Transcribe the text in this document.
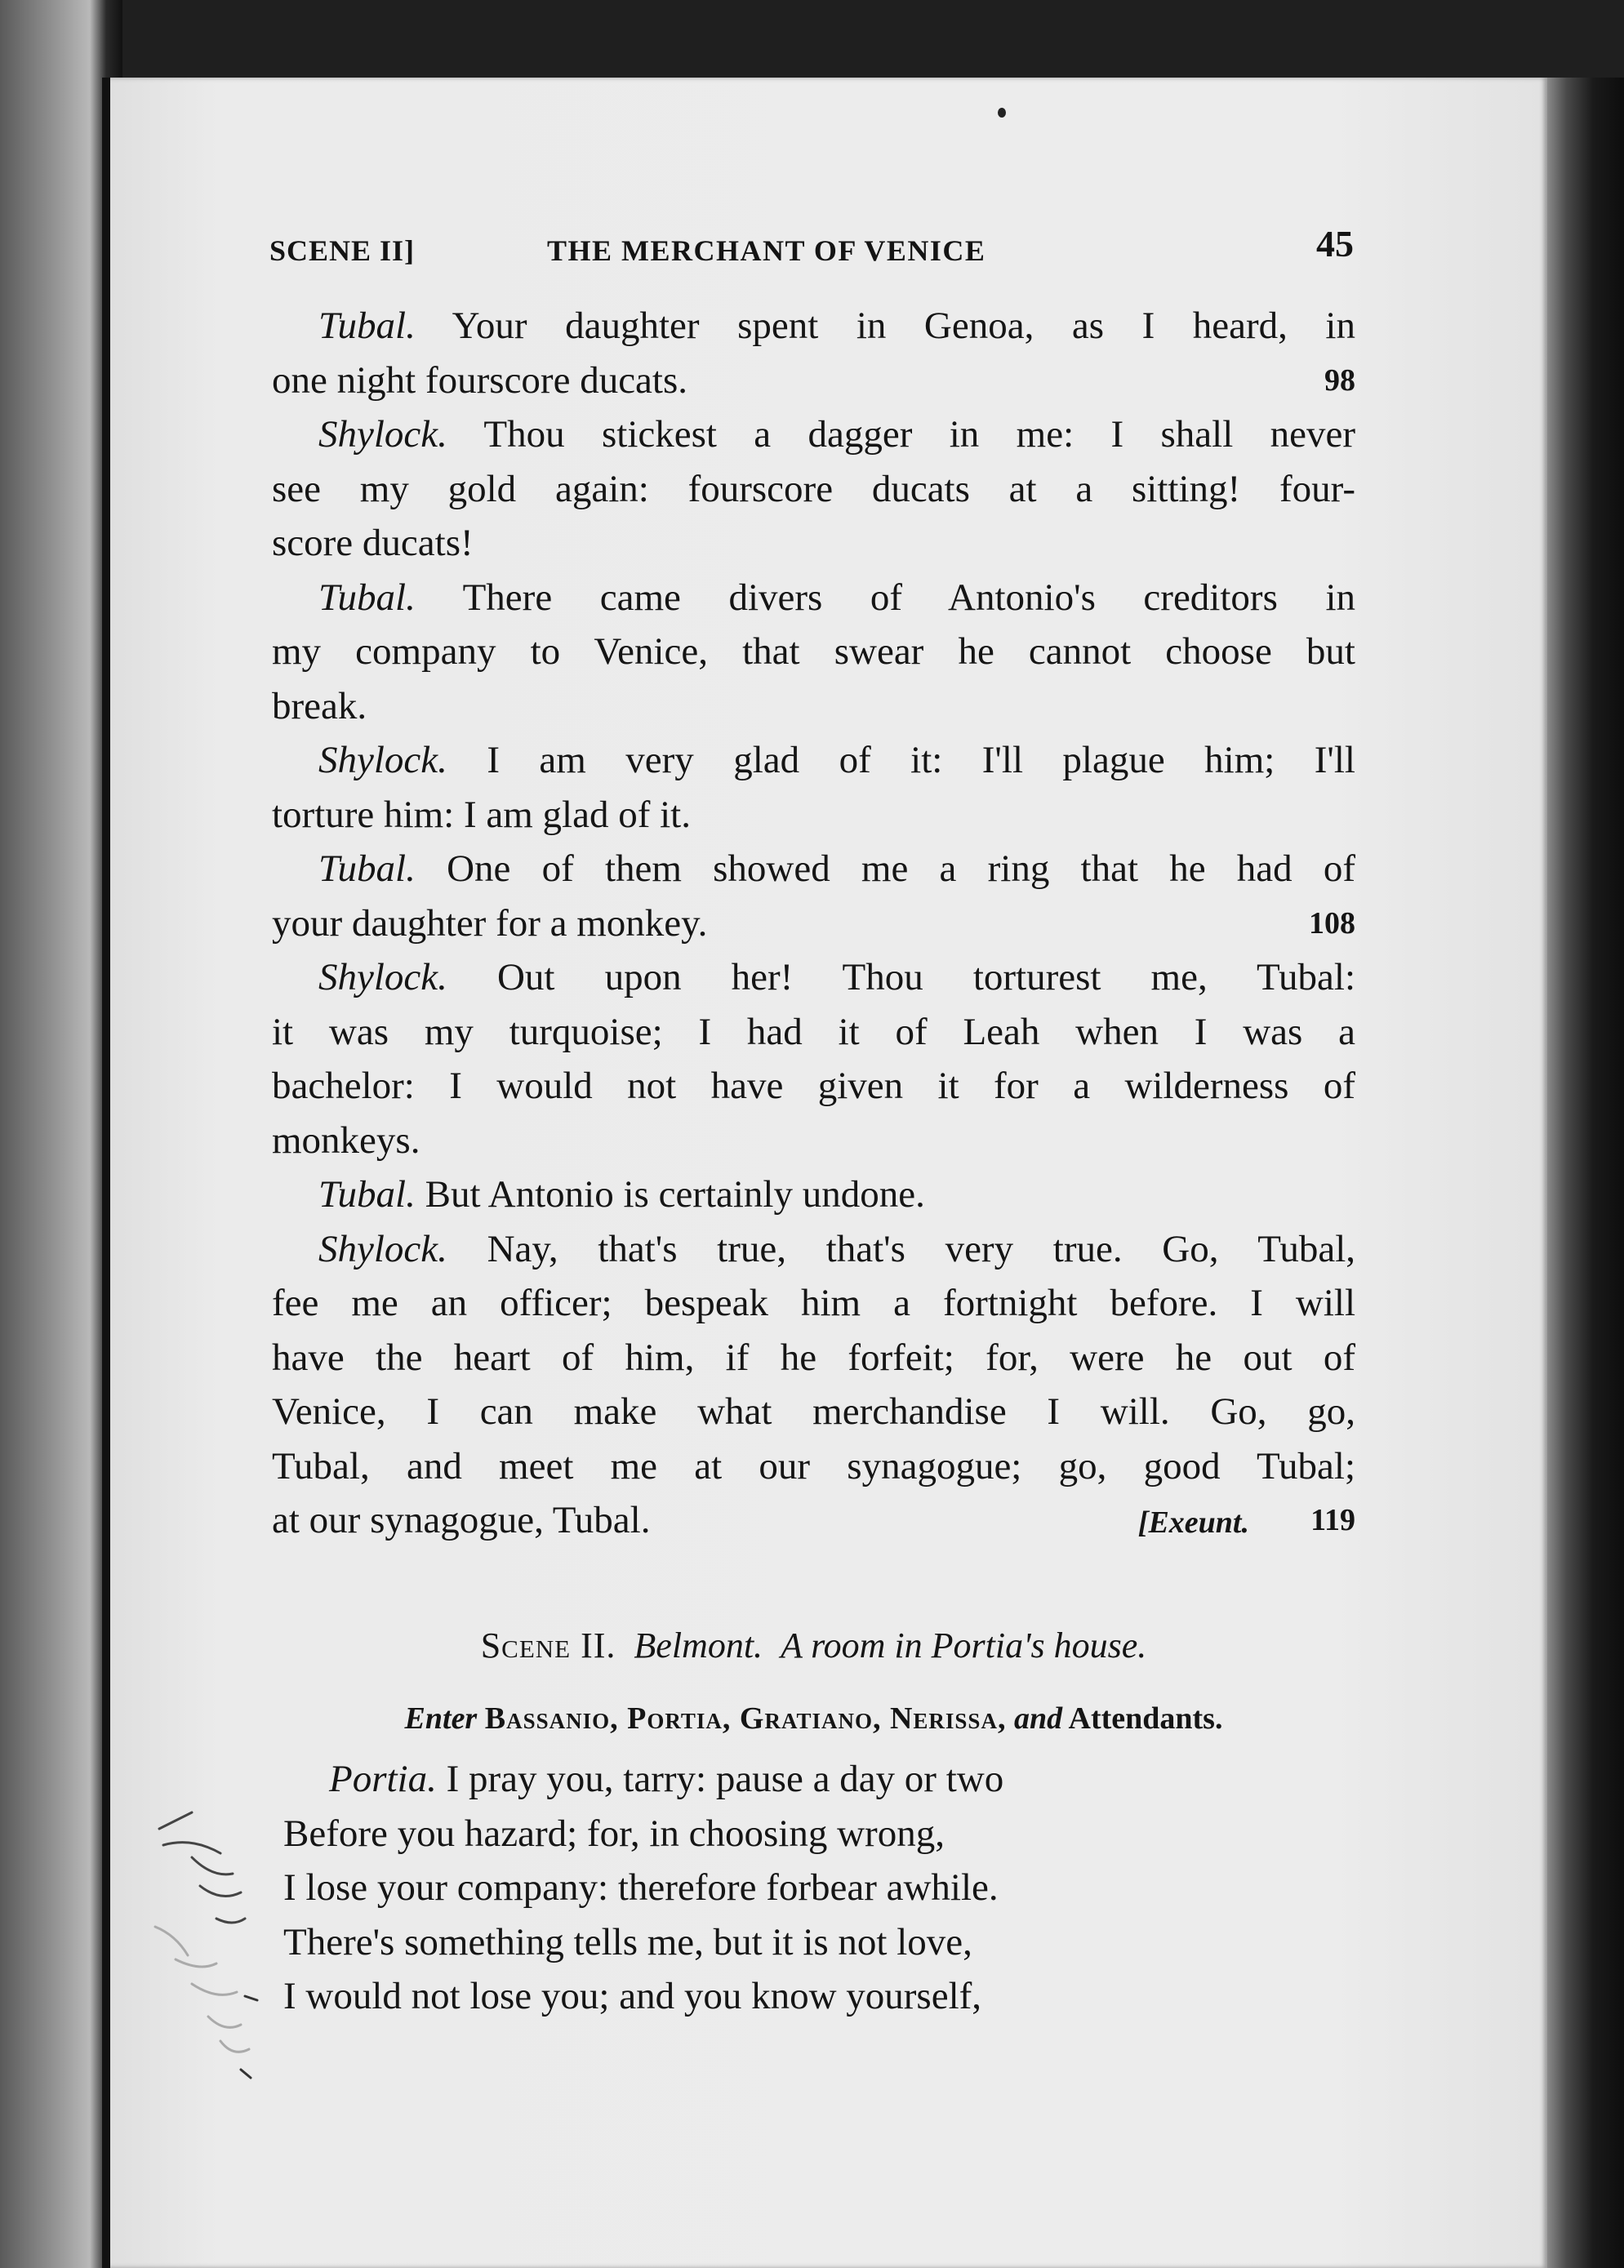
SCENE II]	THE MERCHANT OF VENICE	45
Tubal. Your daughter spent in Genoa, as I heard, in
one night fourscore ducats.	98
Shylock. Thou stickest a dagger in me: I shall never
see my gold again: fourscore ducats at a sitting! four-
score ducats!
Tubal. There came divers of Antonio's creditors in
my company to Venice, that swear he cannot choose but
break.
Shylock. I am very glad of it: I'll plague him; I'll
torture him: I am glad of it.
Tubal. One of them showed me a ring that he had of
your daughter for a monkey.	108
Shylock. Out upon her! Thou torturest me, Tubal:
it was my turquoise; I had it of Leah when I was a
bachelor: I would not have given it for a wilderness of
monkeys.
Tubal. But Antonio is certainly undone.
Shylock. Nay, that's true, that's very true. Go, Tubal,
fee me an officer; bespeak him a fortnight before. I will
have the heart of him, if he forfeit; for, were he out of
Venice, I can make what merchandise I will. Go, go,
Tubal, and meet me at our synagogue; go, good Tubal;
at our synagogue, Tubal.	[Exeunt. 119
Scene II. Belmont. A room in Portia's house.
Enter Bassanio, Portia, Gratiano, Nerissa, and Attendants.
Portia. I pray you, tarry: pause a day or two
Before you hazard; for, in choosing wrong,
I lose your company: therefore forbear awhile.
There's something tells me, but it is not love,
I would not lose you; and you know yourself,
